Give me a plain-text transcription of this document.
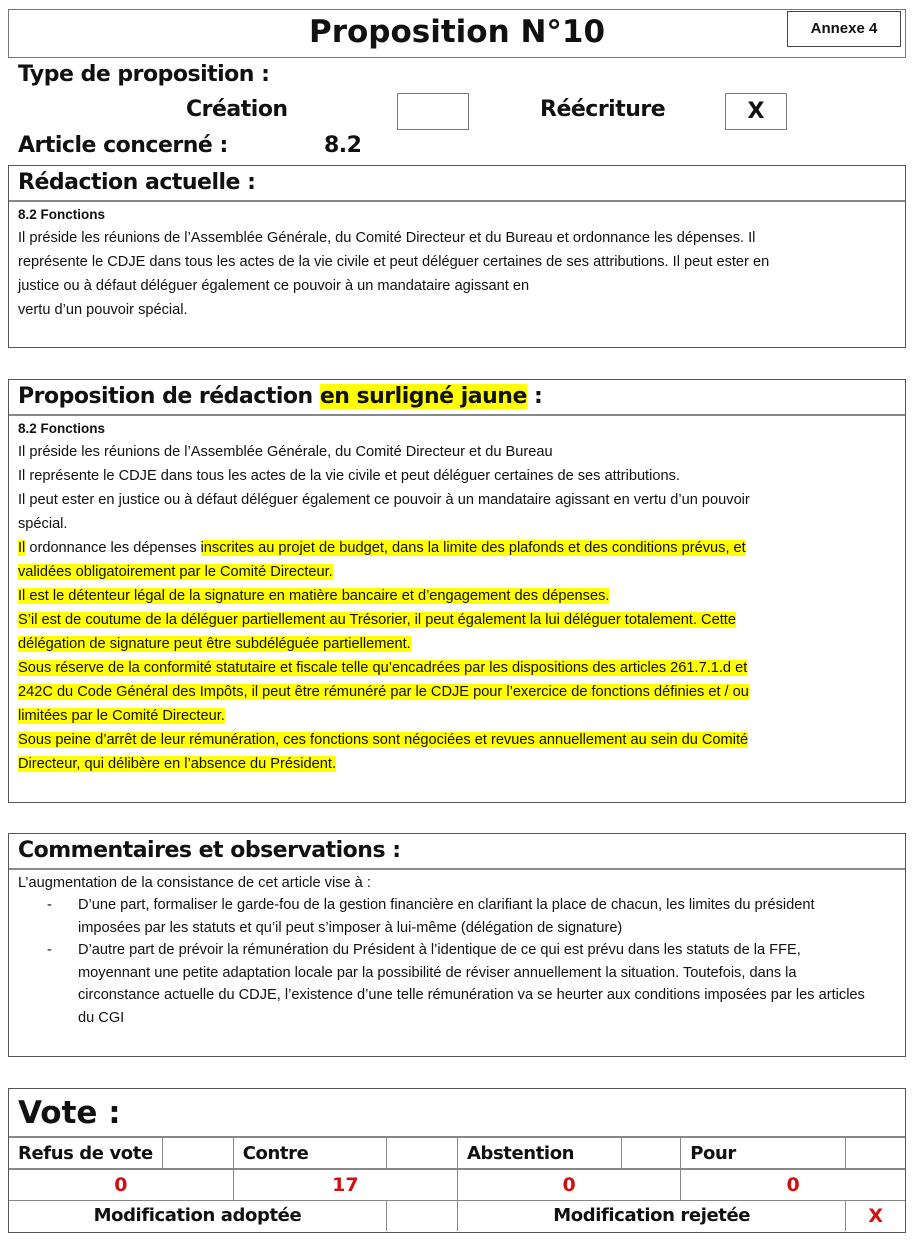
Proposition N°10	Annexe 4
Type de proposition :
Création	Réécriture	X
Article concerné :	8.2
Rédaction actuelle :
8.2 Fonctions
Il préside les réunions de l’Assemblée Générale, du Comité Directeur et du Bureau et ordonnance les dépenses. Il
représente le CDJE dans tous les actes de la vie civile et peut déléguer certaines de ses attributions. Il peut ester en
justice ou à défaut déléguer également ce pouvoir à un mandataire agissant en
vertu d’un pouvoir spécial.
Proposition de rédaction en surligné jaune :
8.2 Fonctions
Il préside les réunions de l’Assemblée Générale, du Comité Directeur et du Bureau
Il représente le CDJE dans tous les actes de la vie civile et peut déléguer certaines de ses attributions.
Il peut ester en justice ou à défaut déléguer également ce pouvoir à un mandataire agissant en vertu d’un pouvoir
spécial.
Il ordonnance les dépenses inscrites au projet de budget, dans la limite des plafonds et des conditions prévus, et
validées obligatoirement par le Comité Directeur.
Il est le détenteur légal de la signature en matière bancaire et d’engagement des dépenses.
S’il est de coutume de la déléguer partiellement au Trésorier, il peut également la lui déléguer totalement. Cette
délégation de signature peut être subdéléguée partiellement.
Sous réserve de la conformité statutaire et fiscale telle qu’encadrées par les dispositions des articles 261.7.1.d et
242C du Code Général des Impôts, il peut être rémunéré par le CDJE pour l’exercice de fonctions définies et / ou
limitées par le Comité Directeur.
Sous peine d’arrêt de leur rémunération, ces fonctions sont négociées et revues annuellement au sein du Comité
Directeur, qui délibère en l’absence du Président.
Commentaires et observations :
L’augmentation de la consistance de cet article vise à :
- D’une part, formaliser le garde-fou de la gestion financière en clarifiant la place de chacun, les limites du président imposées par les statuts et qu’il peut s’imposer à lui-même (délégation de signature)
- D’autre part de prévoir la rémunération du Président à l’identique de ce qui est prévu dans les statuts de la FFE, moyennant une petite adaptation locale par la possibilité de réviser annuellement la situation. Toutefois, dans la circonstance actuelle du CDJE, l’existence d’une telle rémunération va se heurter aux conditions imposées par les articles du CGI
Vote :
Refus de vote		Contre		Abstention		Pour	
0		17		0		0	
Modification adoptée				Modification rejetée			X
